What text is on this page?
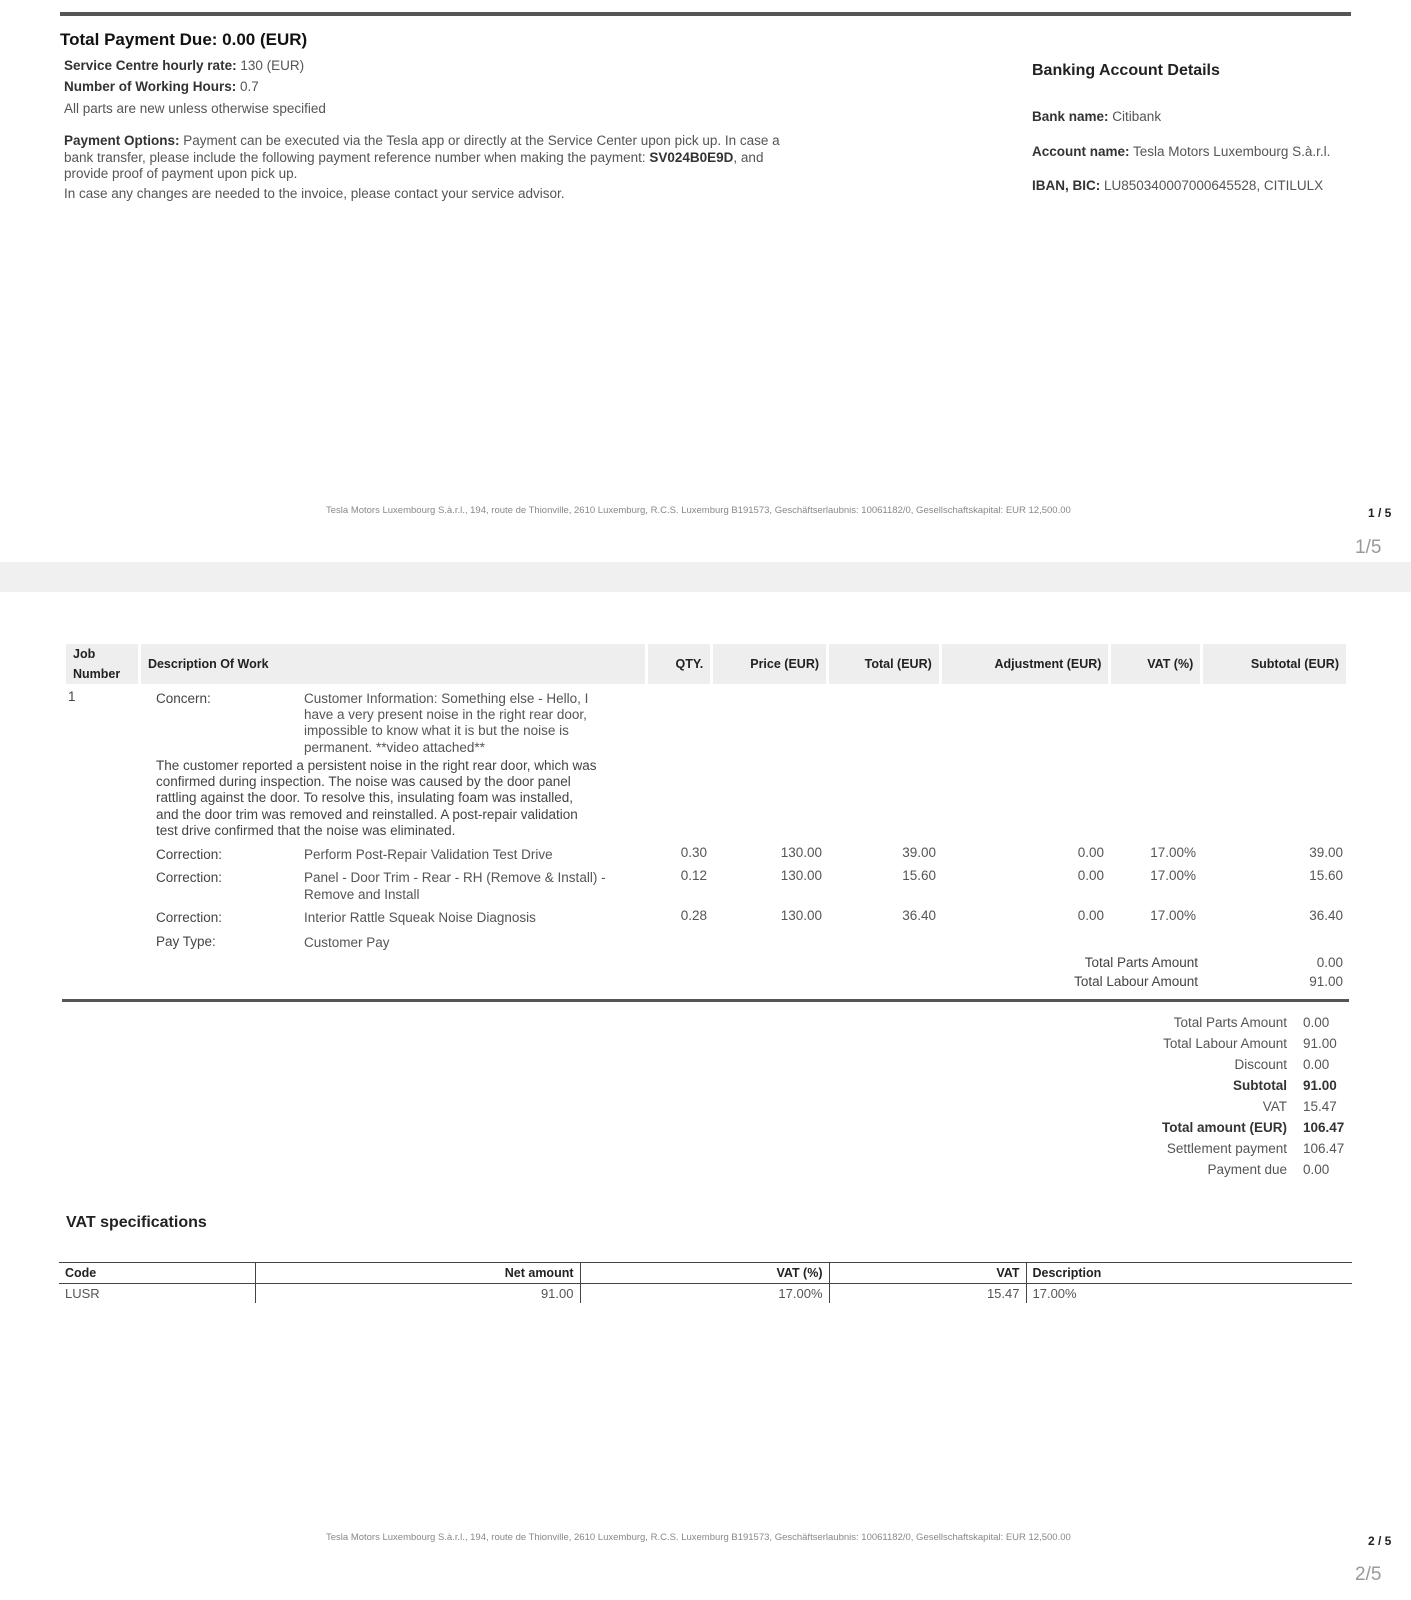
Total Payment Due: 0.00 (EUR)
Service Centre hourly rate: 130 (EUR)
Number of Working Hours: 0.7
All parts are new unless otherwise specified
Payment Options: Payment can be executed via the Tesla app or directly at the Service Center upon pick up. In case a
bank transfer, please include the following payment reference number when making the payment: SV024B0E9D, and
provide proof of payment upon pick up.
In case any changes are needed to the invoice, please contact your service advisor.
Banking Account Details
Bank name: Citibank
Account name: Tesla Motors Luxembourg S.à.r.l.
IBAN, BIC: LU850340007000645528, CITILULX
Tesla Motors Luxembourg S.à.r.l., 194, route de Thionville, 2610 Luxemburg, R.C.S. Luxemburg B191573, Geschäftserlaubnis: 10061182/0, Gesellschaftskapital: EUR 12,500.00	1 / 5
1/5
Job
Number
	Description Of Work	QTY.	Price (EUR)	Total (EUR)	Adjustment (EUR)	VAT (%)	Subtotal (EUR)
1	Concern:	Customer Information: Something else - Hello, I
have a very present noise in the right rear door,
impossible to know what it is but the noise is
permanent. **video attached**
The customer reported a persistent noise in the right rear door, which was
confirmed during inspection. The noise was caused by the door panel
rattling against the door. To resolve this, insulating foam was installed,
and the door trim was removed and reinstalled. A post-repair validation
test drive confirmed that the noise was eliminated.
Correction:	Perform Post-Repair Validation Test Drive	0.30	130.00	39.00	0.00	17.00%	39.00
Correction:	Panel - Door Trim - Rear - RH (Remove & Install) -
Remove and Install
0.12	130.00	15.60	0.00	17.00%	15.60
Correction:	Interior Rattle Squeak Noise Diagnosis	0.28	130.00	36.40	0.00	17.00%	36.40
Pay Type:	Customer Pay
Total Parts Amount	0.00
Total Labour Amount	91.00
Total Parts Amount 0.00
Total Labour Amount 91.00
Discount 0.00
Subtotal 91.00
VAT 15.47
Total amount (EUR) 106.47
Settlement payment 106.47
Payment due 0.00
VAT specifications
Code	Net amount	VAT (%)	VAT	Description
LUSR	91.00	17.00%	15.47	17.00%
Tesla Motors Luxembourg S.à.r.l., 194, route de Thionville, 2610 Luxemburg, R.C.S. Luxemburg B191573, Geschäftserlaubnis: 10061182/0, Gesellschaftskapital: EUR 12,500.00	2 / 5
2/5
